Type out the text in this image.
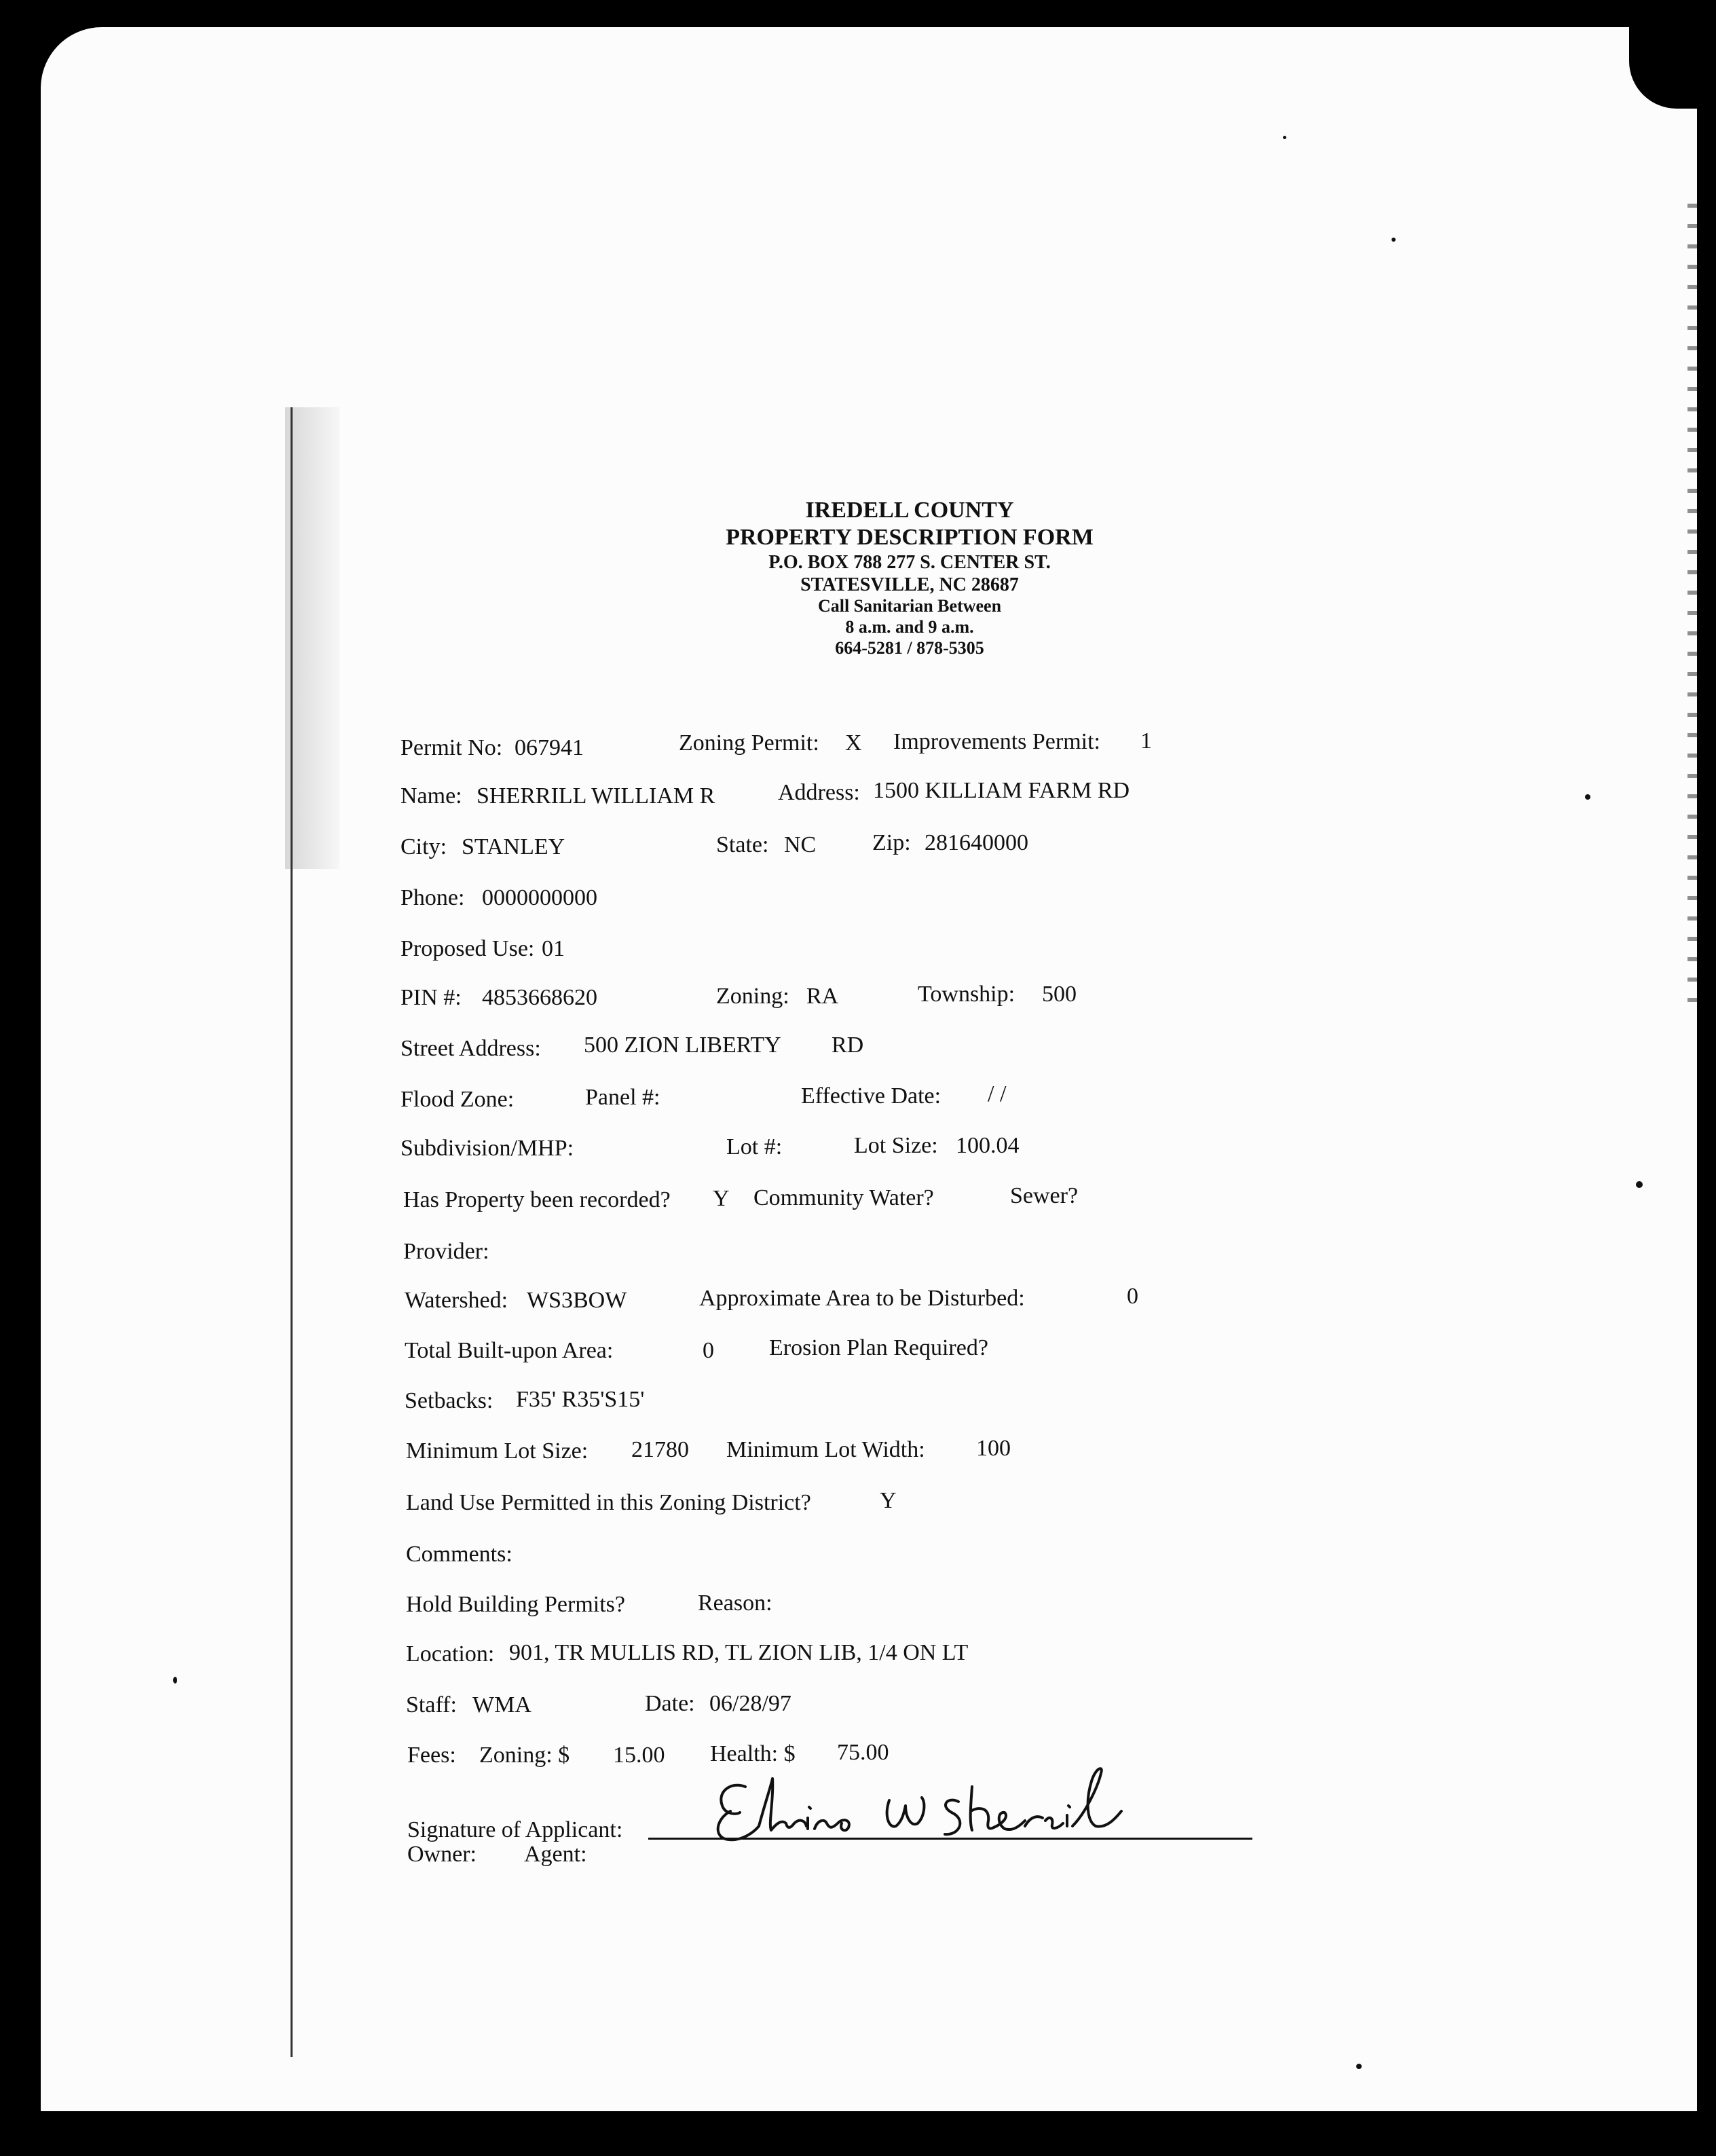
IREDELL COUNTY
PROPERTY DESCRIPTION FORM
P.O. BOX 788 277 S. CENTER ST.
STATESVILLE, NC 28687
Call Sanitarian Between
8 a.m. and 9 a.m.
664-5281 / 878-5305
Permit No: 067941	Zoning Permit: X Improvements Permit: 1
Name: SHERRILL WILLIAM R	Address: 1500 KILLIAM FARM RD
City: STANLEY	State: NC Zip: 281640000
Phone: 0000000000
Proposed Use: 01
PIN #: 4853668620	Zoning: RA	Township: 500
Street Address: 500 ZION LIBERTY RD
Flood Zone:	Panel #:	Effective Date: / /
Subdivision/MHP:	Lot #:	Lot Size: 100.04
Has Property been recorded? Y Community Water?	Sewer?
Provider:
Watershed: WS3BOW	Approximate Area to be Disturbed:	0
Total Built-upon Area:	0 Erosion Plan Required?
Setbacks: F35' R35'S15'
Minimum Lot Size: 21780 Minimum Lot Width: 100
Land Use Permitted in this Zoning District?	Y
Comments:
Hold Building Permits?	Reason:
Location: 901, TR MULLIS RD, TL ZION LIB, 1/4 ON LT
Staff: WMA	Date: 06/28/97
Fees: Zoning: $ 15.00 Health: $ 75.00
Signature of Applicant:
Owner: Agent:
